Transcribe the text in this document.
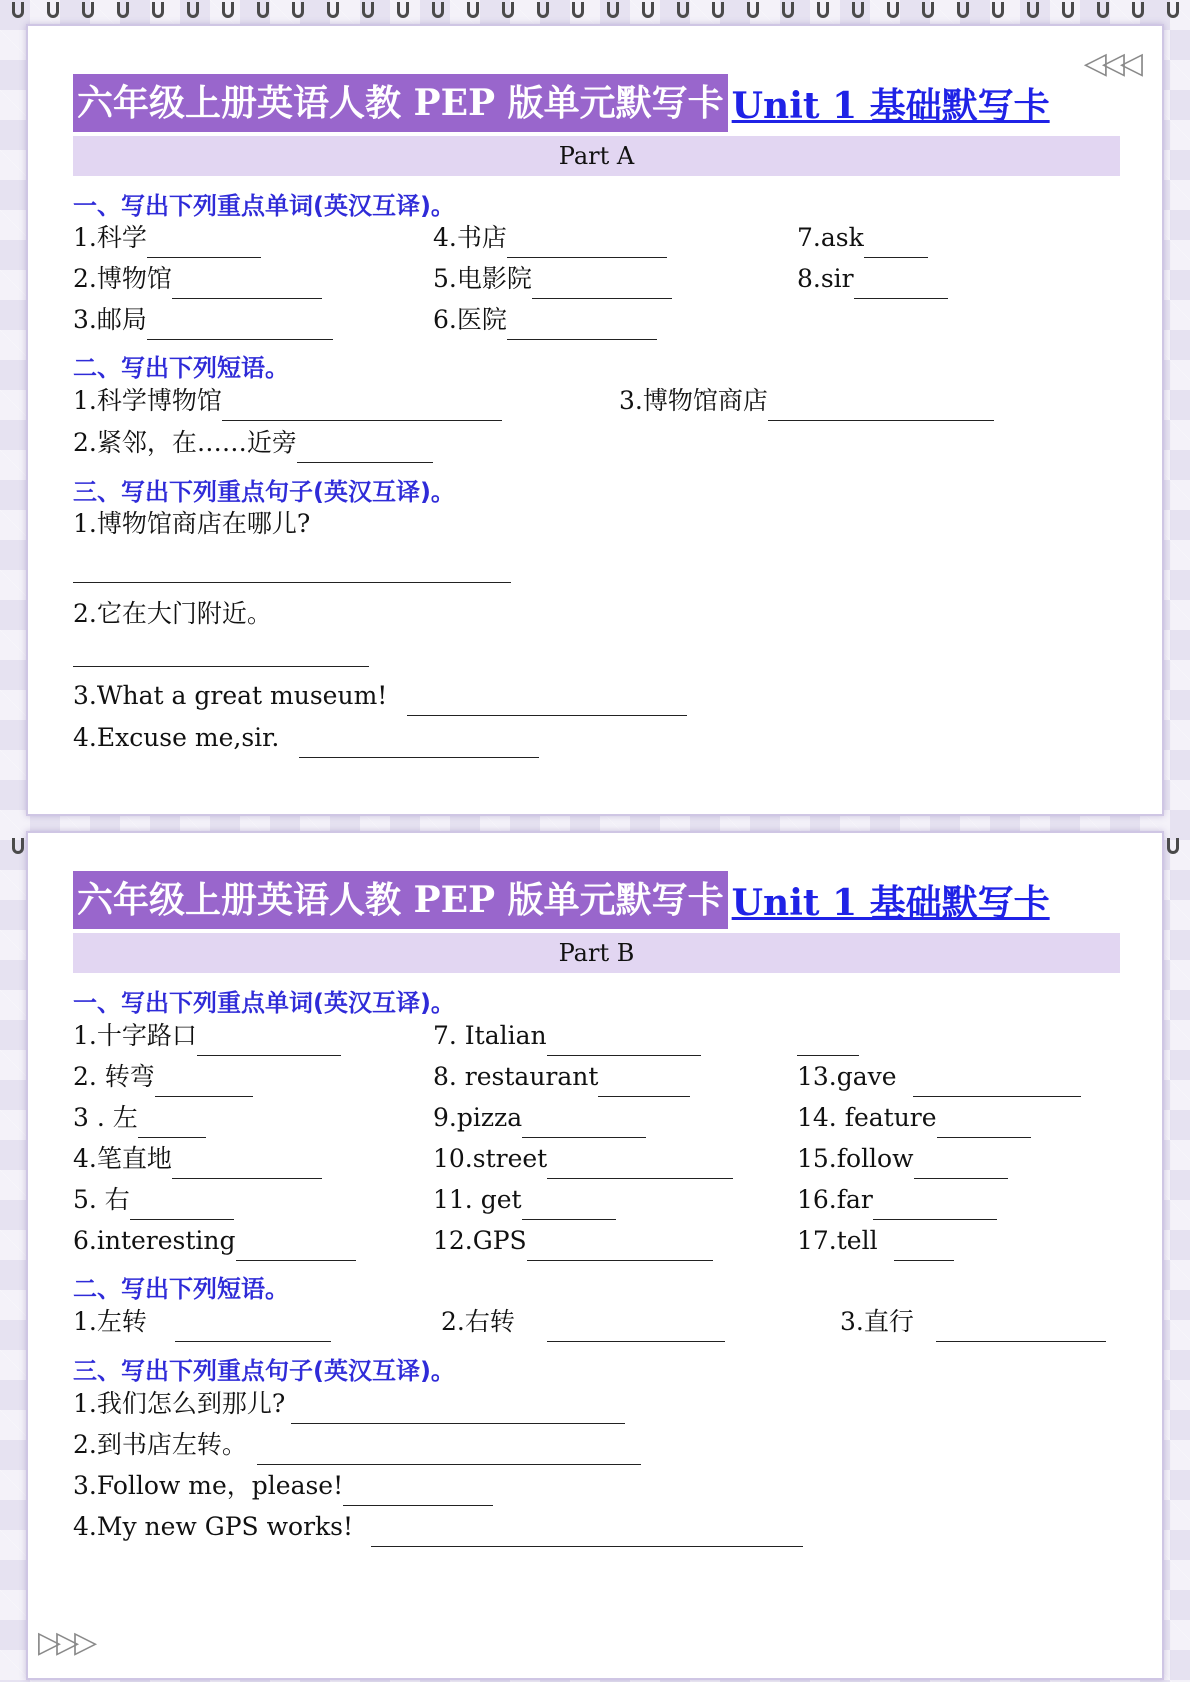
◁◁◁
六年级上册英语人教 PEP 版单元默写卡 Unit 1 基础默写卡
Part A
一、写出下列重点单词(英汉互译)。
1.科学	4.书店	7.ask
2.博物馆	5.电影院	8.sir
3.邮局	6.医院
二、写出下列短语。
1.科学博物馆	3.博物馆商店
2.紧邻，在……近旁
三、写出下列重点句子(英汉互译)。
1.博物馆商店在哪儿?
2.它在大门附近。
3.What a great museum!
4.Excuse me,sir.
▷▷▷
六年级上册英语人教 PEP 版单元默写卡 Unit 1 基础默写卡
Part B
一、写出下列重点单词(英汉互译)。
1.十字路口	7. Italian
2. 转弯	8. restaurant	13.gave
3 . 左	9.pizza	14. feature
4.笔直地	10.street	15.follow
5. 右	11. get	16.far
6.interesting	12.GPS	17.tell
二、写出下列短语。
1.左转	2.右转	3.直行
三、写出下列重点句子(英汉互译)。
1.我们怎么到那儿?
2.到书店左转。
3.Follow me，please!
4.My new GPS works!
